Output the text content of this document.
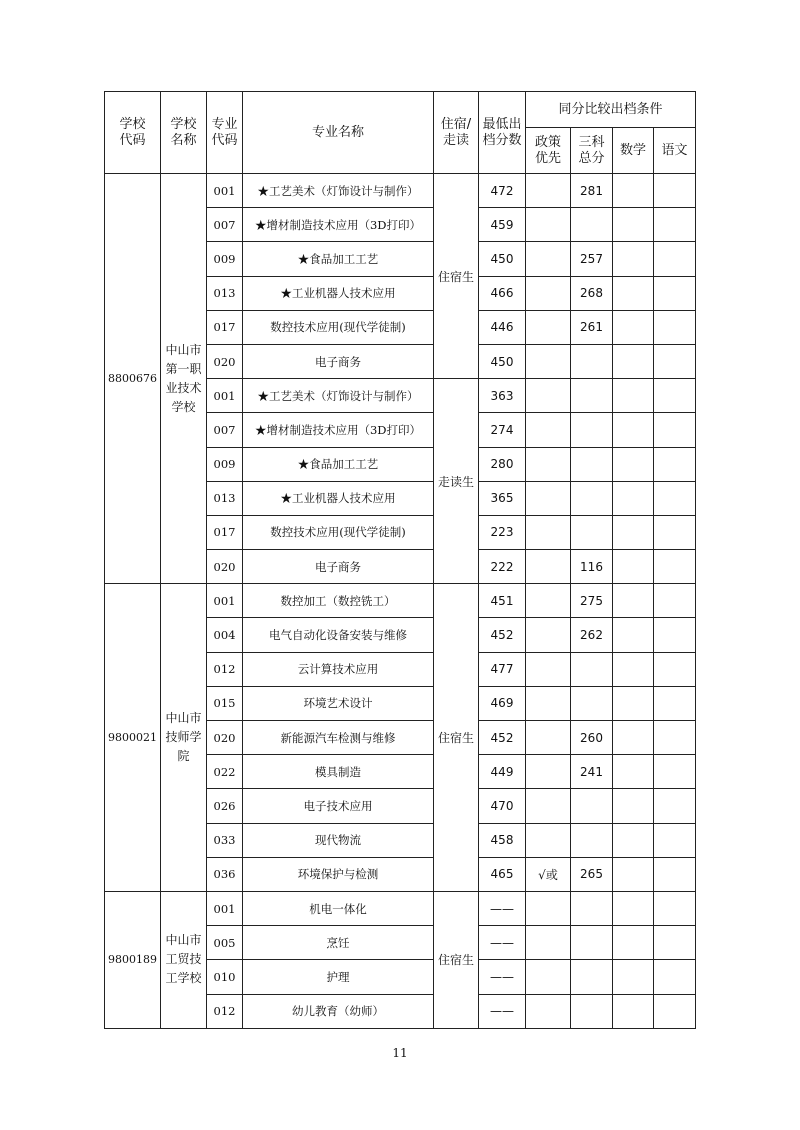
学校代码	学校名称	专业代码	专业名称	住宿/走读	最低出档分数	同分比较出档条件			
						政策优先	三科总分	数学	语文
8800676	中山市第一职业技术学校	001	★工艺美术（灯饰设计与制作）	住宿生	472		281		
		007	★增材制造技术应用（3D打印）		459				
		009	★食品加工工艺		450		257		
		013	★工业机器人技术应用		466		268		
		017	数控技术应用(现代学徒制)		446		261		
		020	电子商务		450				
		001	★工艺美术（灯饰设计与制作）	走读生	363				
		007	★增材制造技术应用（3D打印）		274				
		009	★食品加工工艺		280				
		013	★工业机器人技术应用		365				
		017	数控技术应用(现代学徒制)		223				
		020	电子商务		222		116		
9800021	中山市技师学院	001	数控加工（数控铣工）	住宿生	451		275		
		004	电气自动化设备安装与维修		452		262		
		012	云计算技术应用		477				
		015	环境艺术设计		469				
		020	新能源汽车检测与维修		452		260		
		022	模具制造		449		241		
		026	电子技术应用		470				
		033	现代物流		458				
		036	环境保护与检测		465	√或	265		
9800189	中山市工贸技工学校	001	机电一体化	住宿生	——				
		005	烹饪		——				
		010	护理		——				
		012	幼儿教育（幼师）		——				
11
